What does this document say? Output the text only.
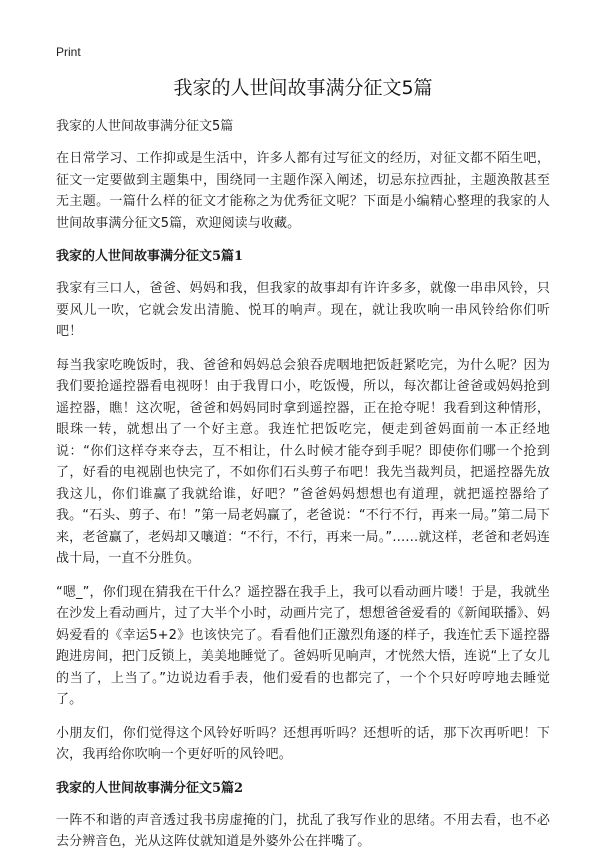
Print
我家的人世间故事满分征文5篇
我家的人世间故事满分征文5篇

在日常学习、工作抑或是生活中，许多人都有过写征文的经历，对征文都不陌生吧，征文一定要做到主题集中，围绕同一主题作深入阐述，切忌东拉西扯，主题涣散甚至无主题。一篇什么样的征文才能称之为优秀征文呢？下面是小编精心整理的我家的人世间故事满分征文5篇，欢迎阅读与收藏。

我家的人世间故事满分征文5篇1

我家有三口人，爸爸、妈妈和我，但我家的故事却有许许多多，就像一串串风铃，只要风儿一吹，它就会发出清脆、悦耳的响声。现在，就让我吹响一串风铃给你们听吧！

每当我家吃晚饭时，我、爸爸和妈妈总会狼吞虎咽地把饭赶紧吃完，为什么呢？因为我们要抢遥控器看电视呀！由于我胃口小，吃饭慢，所以，每次都让爸爸或妈妈抢到遥控器，瞧！这次呢，爸爸和妈妈同时拿到遥控器，正在抢夺呢！我看到这种情形，眼珠一转，就想出了一个好主意。我连忙把饭吃完，便走到爸妈面前一本正经地说：“你们这样夺来夺去，互不相让，什么时候才能夺到手呢？即使你们哪一个抢到了，好看的电视剧也快完了，不如你们石头剪子布吧！我先当裁判员，把遥控器先放我这儿，你们谁赢了我就给谁，好吧？”爸爸妈妈想想也有道理，就把遥控器给了我。“石头、剪子、布！”第一局老妈赢了，老爸说：“不行不行，再来一局。”第二局下来，老爸赢了，老妈却又嚷道：“不行，不行，再来一局。”……就这样，老爸和老妈连战十局，一直不分胜负。

“嗯_”，你们现在猜我在干什么？遥控器在我手上，我可以看动画片喽！于是，我就坐在沙发上看动画片，过了大半个小时，动画片完了，想想爸爸爱看的《新闻联播》、妈妈爱看的《幸运5+2》也该快完了。看看他们正激烈角逐的样子，我连忙丢下遥控器跑进房间，把门反锁上，美美地睡觉了。爸妈听见响声，才恍然大悟，连说“上了女儿的当了，上当了。”边说边看手表，他们爱看的也都完了，一个个只好哼哼地去睡觉了。

小朋友们，你们觉得这个风铃好听吗？还想再听吗？还想听的话，那下次再听吧！下次，我再给你吹响一个更好听的风铃吧。

我家的人世间故事满分征文5篇2

一阵不和谐的声音透过我书房虚掩的门，扰乱了我写作业的思绪。不用去看，也不必去分辨音色，光从这阵仗就知道是外婆外公在拌嘴了。
